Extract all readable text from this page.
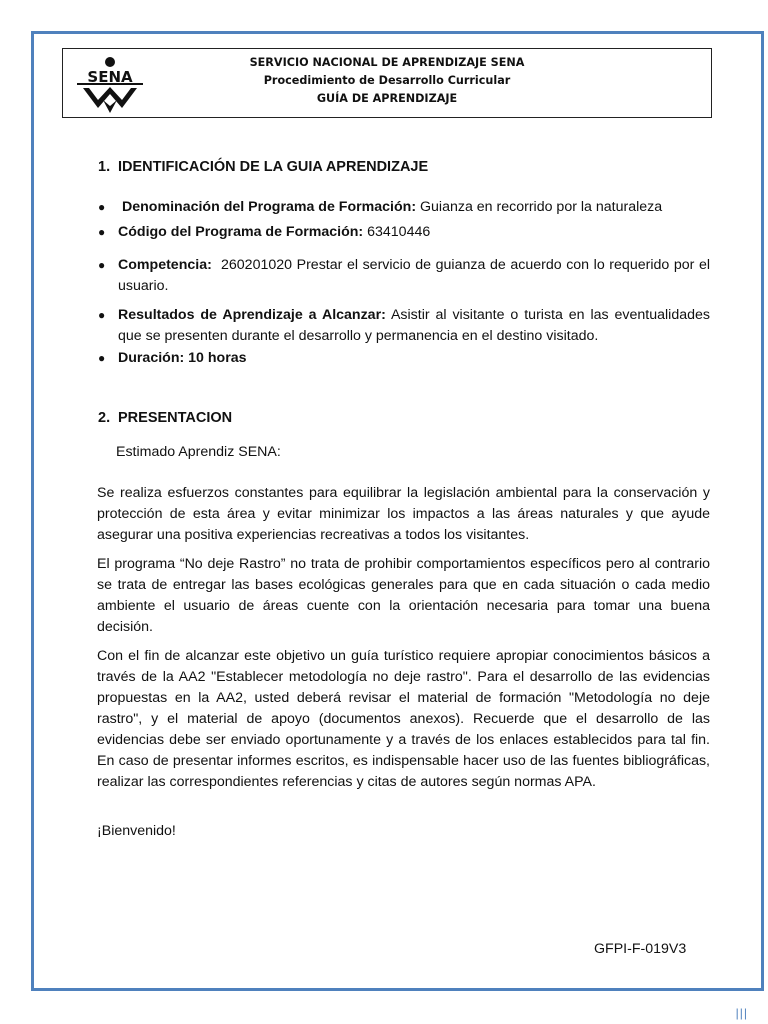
SENA
SERVICIO NACIONAL DE APRENDIZAJE SENA
Procedimiento de Desarrollo Curricular
GUÍA DE APRENDIZAJE
1. IDENTIFICACIÓN DE LA GUIA APRENDIZAJE
●	Denominación del Programa de Formación: Guianza en recorrido por la naturaleza
● Código del Programa de Formación: 63410446
● Competencia:  260201020 Prestar el servicio de guianza de acuerdo con lo requerido por el usuario.
● Resultados de Aprendizaje a Alcanzar: Asistir al visitante o turista en las eventualidades que se presenten durante el desarrollo y permanencia en el destino visitado.
● Duración: 10 horas
2. PRESENTACION

Estimado Aprendiz SENA:

Se realiza esfuerzos constantes para equilibrar la legislación ambiental para la conservación y protección de esta área y evitar minimizar los impactos a las áreas naturales y que ayude asegurar una positiva experiencias recreativas a todos los visitantes.

El programa “No deje Rastro” no trata de prohibir comportamientos específicos pero al contrario se trata de entregar las bases ecológicas generales para que en cada situación o cada medio ambiente el usuario de áreas cuente con la orientación necesaria para tomar una buena decisión.

Con el fin de alcanzar este objetivo un guía turístico requiere apropiar conocimientos básicos a través de la AA2 "Establecer metodología no deje rastro". Para el desarrollo de las evidencias propuestas en la AA2, usted deberá revisar el material de formación "Metodología no deje rastro", y el material de apoyo (documentos anexos). Recuerde que el desarrollo de las evidencias debe ser enviado oportunamente y a través de los enlaces establecidos para tal fin. En caso de presentar informes escritos, es indispensable hacer uso de las fuentes bibliográficas, realizar las correspondientes referencias y citas de autores según normas APA.

¡Bienvenido!

GFPI-F-019V3
|||
